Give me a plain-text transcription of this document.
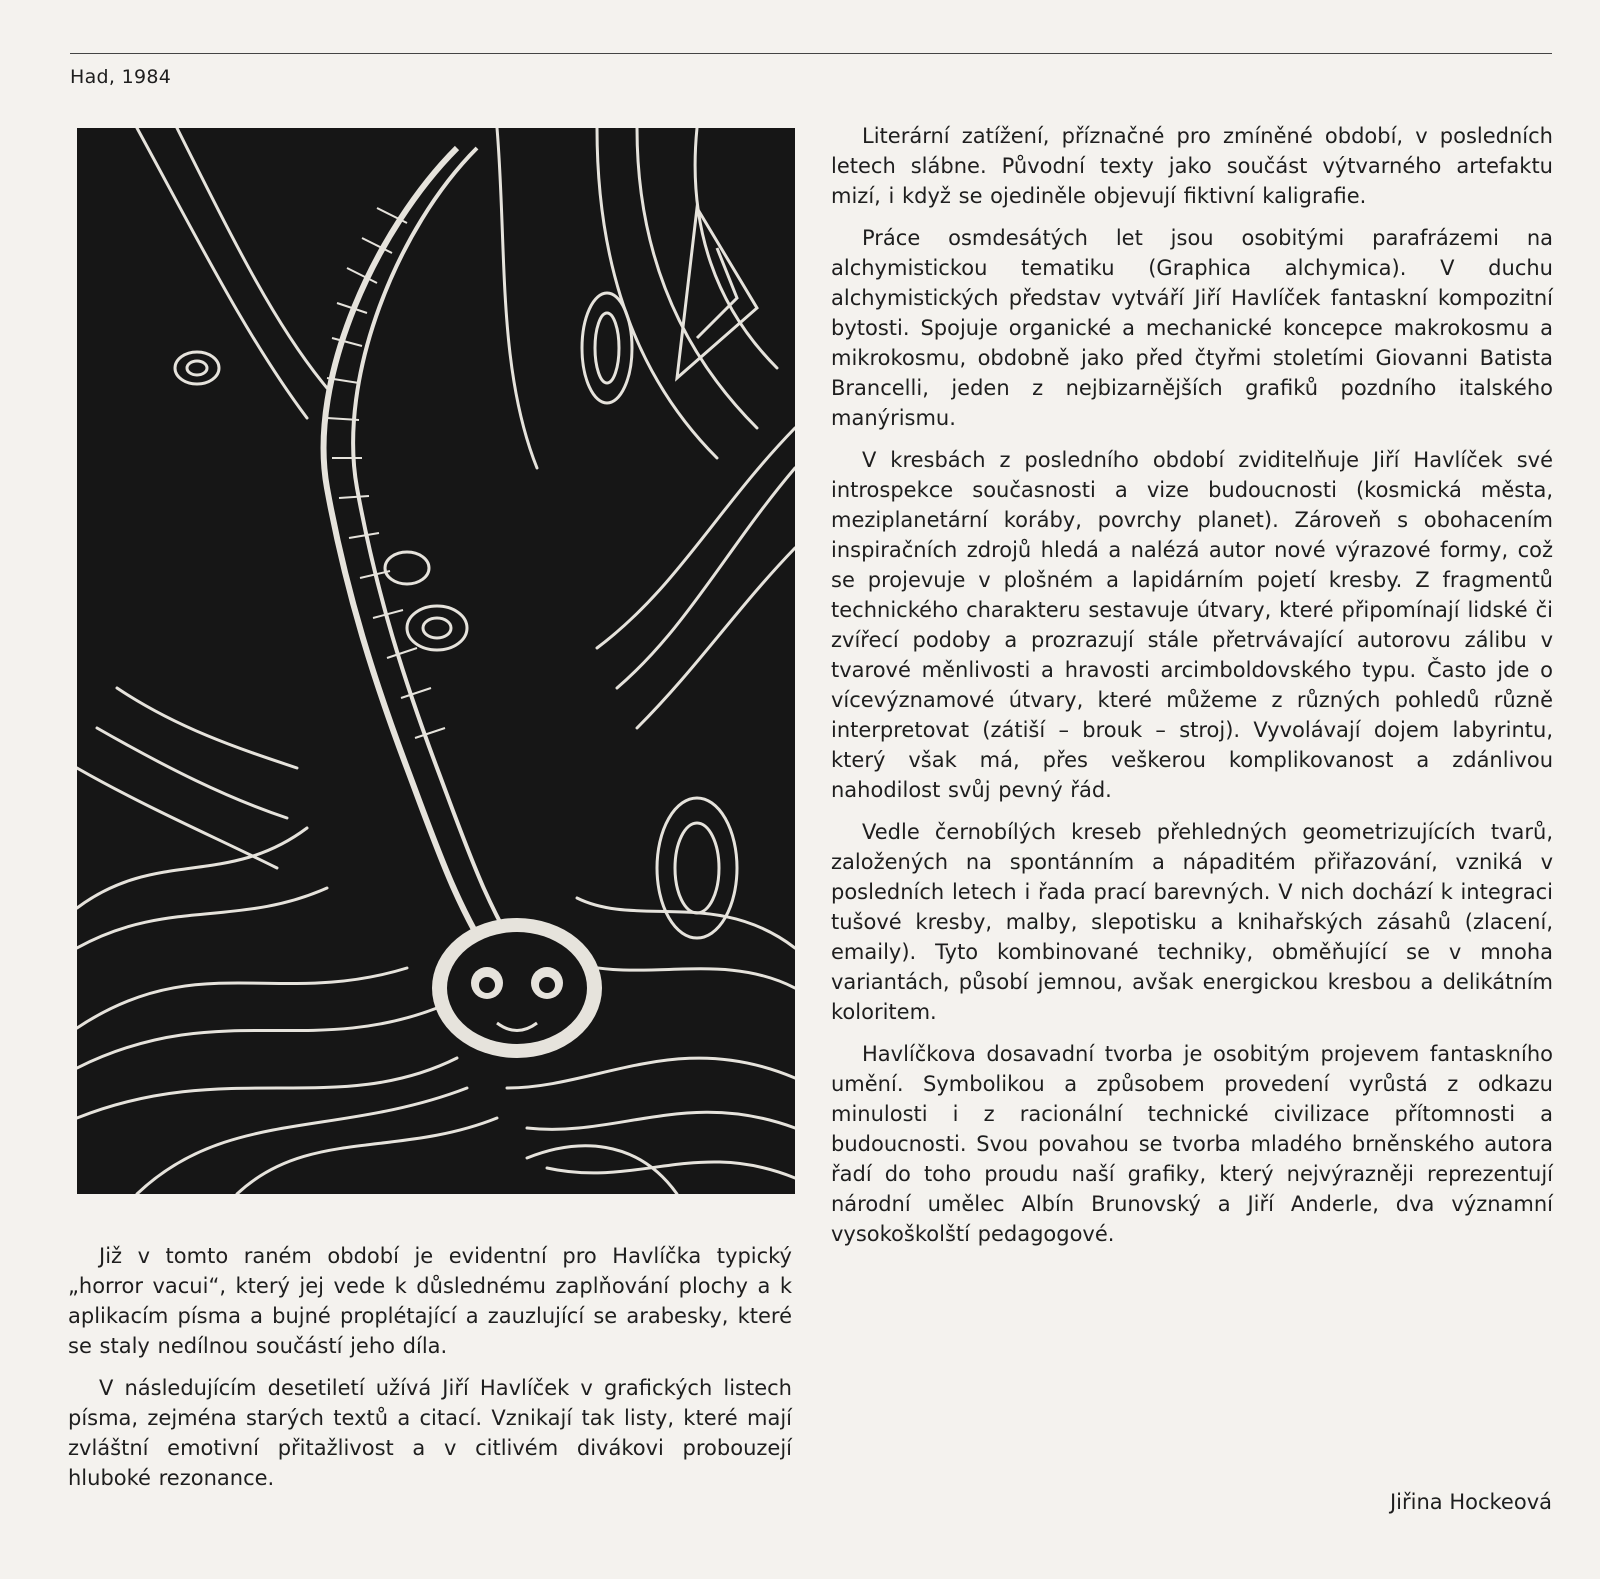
Had, 1984

Již v tomto raném období je evidentní pro Havlíčka typický „horror vacui“, který jej vede k důslednému zaplňování plochy a k aplikacím písma a bujné proplétající a zauzlující se arabesky, které se staly nedílnou součástí jeho díla.

V následujícím desetiletí užívá Jiří Havlíček v grafických listech písma, zejména starých textů a citací. Vznikají tak listy, které mají zvláštní emotivní přitažlivost a v citlivém divákovi probouzejí hluboké rezonance.

Literární zatížení, příznačné pro zmíněné období, v posledních letech slábne. Původní texty jako součást výtvarného artefaktu mizí, i když se ojediněle objevují fiktivní kaligrafie.

Práce osmdesátých let jsou osobitými parafrázemi na alchymistickou tematiku (Graphica alchymica). V duchu alchymistických představ vytváří Jiří Havlíček fantaskní kompozitní bytosti. Spojuje organické a mechanické koncepce makrokosmu a mikrokosmu, obdobně jako před čtyřmi stoletími Giovanni Batista Brancelli, jeden z nejbizarnějších grafiků pozdního italského manýrismu.

V kresbách z posledního období zviditelňuje Jiří Havlíček své introspekce současnosti a vize budoucnosti (kosmická města, meziplanetární koráby, povrchy planet). Zároveň s obohacením inspiračních zdrojů hledá a nalézá autor nové výrazové formy, což se projevuje v plošném a lapidárním pojetí kresby. Z fragmentů technického charakteru sestavuje útvary, které připomínají lidské či zvířecí podoby a prozrazují stále přetrvávající autorovu zálibu v tvarové měnlivosti a hravosti arcimboldovského typu. Často jde o vícevýznamové útvary, které můžeme z různých pohledů různě interpretovat (zátiší – brouk – stroj). Vyvolávají dojem labyrintu, který však má, přes veškerou komplikovanost a zdánlivou nahodilost svůj pevný řád.

Vedle černobílých kreseb přehledných geometrizujících tvarů, založených na spontánním a nápaditém přiřazování, vzniká v posledních letech i řada prací barevných. V nich dochází k integraci tušové kresby, malby, slepotisku a knihařských zásahů (zlacení, emaily). Tyto kombinované techniky, obměňující se v mnoha variantách, působí jemnou, avšak energickou kresbou a delikátním koloritem.

Havlíčkova dosavadní tvorba je osobitým projevem fantaskního umění. Symbolikou a způsobem provedení vyrůstá z odkazu minulosti i z racionální technické civilizace přítomnosti a budoucnosti. Svou povahou se tvorba mladého brněnského autora řadí do toho proudu naší grafiky, který nejvýrazněji reprezentují národní umělec Albín Brunovský a Jiří Anderle, dva významní vysokoškolští pedagogové.

Jiřina Hockeová
